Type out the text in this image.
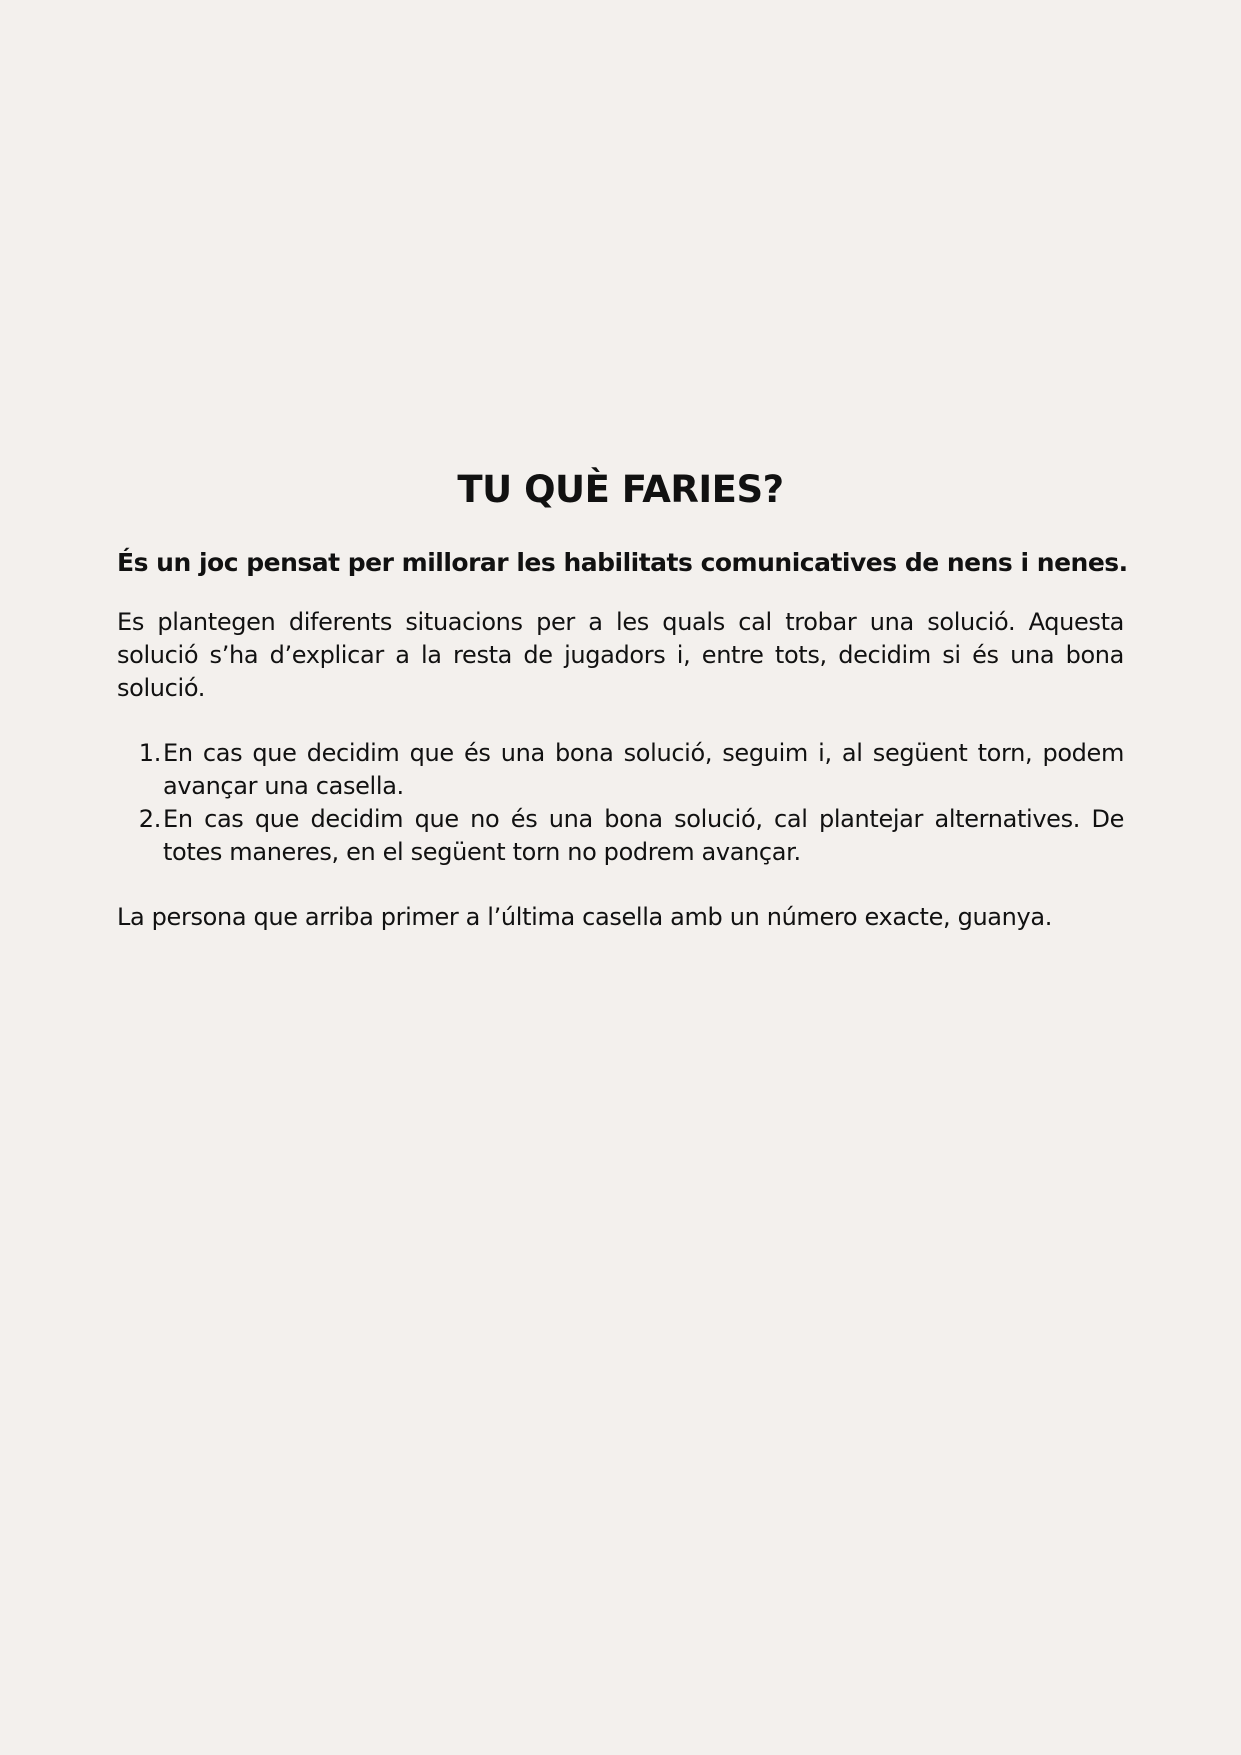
TU QUÈ FARIES?

És un joc pensat per millorar les habilitats comunicatives de nens i nenes.

Es plantegen diferents situacions per a les quals cal trobar una solució. Aquesta solució s’ha d’explicar a la resta de jugadors i, entre tots, decidim si és una bona solució.

1. En cas que decidim que és una bona solució, seguim i, al següent torn, podem avançar una casella.
2. En cas que decidim que no és una bona solució, cal plantejar alternatives. De totes maneres, en el següent torn no podrem avançar.

La persona que arriba primer a l’última casella amb un número exacte, guanya.
